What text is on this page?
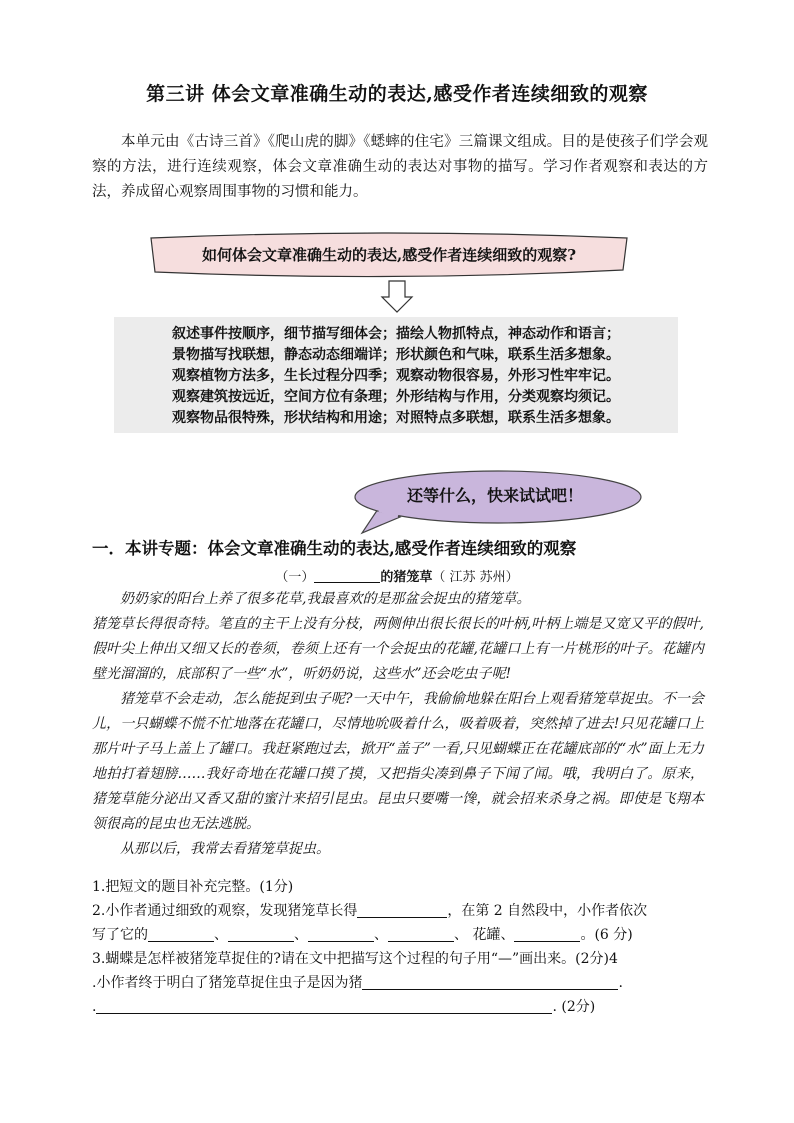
第三讲 体会文章准确生动的表达,感受作者连续细致的观察

本单元由《古诗三首》《爬山虎的脚》《蟋蟀的住宅》三篇课文组成。目的是使孩子们学会观察的方法，进行连续观察，体会文章准确生动的表达对事物的描写。学习作者观察和表达的方法，养成留心观察周围事物的习惯和能力。

如何体会文章准确生动的表达,感受作者连续细致的观察?
叙述事件按顺序，细节描写细体会；描绘人物抓特点，神态动作和语言；
景物描写找联想，静态动态细端详；形状颜色和气味，联系生活多想象。
观察植物方法多，生长过程分四季；观察动物很容易，外形习性牢牢记。
观察建筑按远近，空间方位有条理；外形结构与作用，分类观察均须记。
观察物品很特殊，形状结构和用途；对照特点多联想，联系生活多想象。
还等什么，快来试试吧！
一．本讲专题：体会文章准确生动的表达,感受作者连续细致的观察
（一）	的猪笼草（ 江苏 苏州）

奶奶家的阳台上养了很多花草,我最喜欢的是那盆会捉虫的猪笼草。

猪笼草长得很奇特。笔直的主干上没有分枝，两侧伸出很长很长的叶柄,叶柄上端是又宽又平的假叶,假叶尖上伸出又细又长的卷须，卷须上还有一个会捉虫的花罐,花罐口上有一片桃形的叶子。花罐内壁光溜溜的，底部积了一些“水”，听奶奶说，这些水”还会吃虫子呢!

猪笼草不会走动，怎么能捉到虫子呢?一天中午，我偷偷地躲在阳台上观看猪笼草捉虫。不一会儿，一只蝴蝶不慌不忙地落在花罐口，尽情地吮吸着什么，吸着吸着，突然掉了进去!只见花罐口上那片叶子马上盖上了罐口。我赶紧跑过去，掀开“盖子”一看,只见蝴蝶正在花罐底部的“水”面上无力地拍打着翅膀……我好奇地在花罐口摸了摸，又把指尖凑到鼻子下闻了闻。哦，我明白了。原来，猪笼草能分泌出又香又甜的蜜汁来招引昆虫。昆虫只要嘴一馋，就会招来杀身之祸。即使是飞翔本领很高的昆虫也无法逃脱。

从那以后，我常去看猪笼草捉虫。

1.把短文的题目补充完整。(1分)
2.小作者通过细致的观察，发现猪笼草长得	，在第 2 自然段中，小作者依次
写了它的	、	、	、	、 花罐、	。(6 分)
3.蝴蝶是怎样被猪笼草捉住的?请在文中把描写这个过程的句子用“—”画出来。(2分)4
.小作者终于明白了猪笼草捉住虫子是因为猪	.
.	. (2分)
